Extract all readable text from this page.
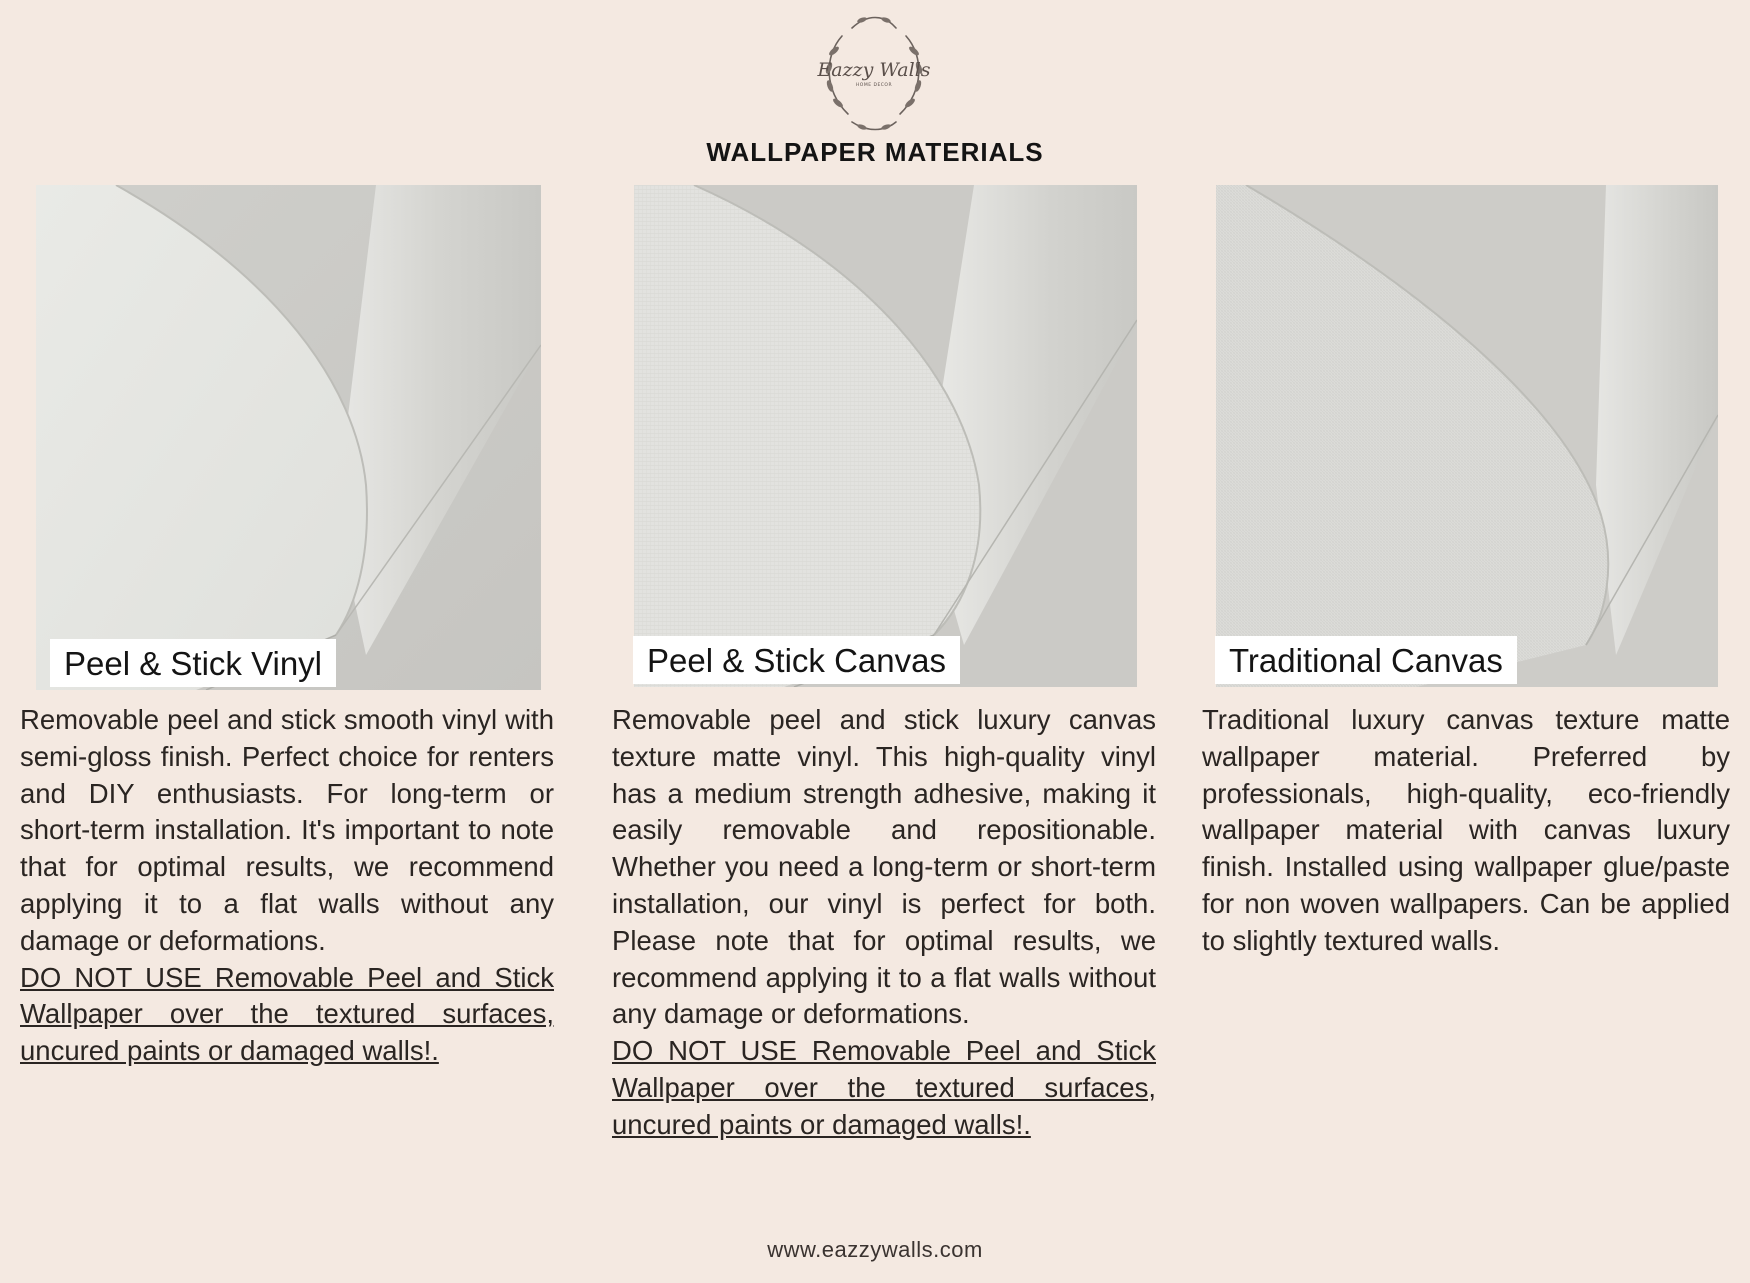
Eazzy Walls
HOME DECOR
WALLPAPER MATERIALS
Peel & Stick Vinyl	Peel & Stick Canvas	Traditional Canvas

Removable peel and stick smooth vinyl with semi-gloss finish. Perfect choice for renters and DIY enthusiasts. For long-term or short-term installation. It's important to note that for optimal results, we recommend applying it to a flat walls without any damage or deformations.

DO NOT USE Removable Peel and Stick Wallpaper over the textured surfaces, uncured paints or damaged walls!.

Removable peel and stick luxury canvas texture matte vinyl. This high-quality vinyl has a medium strength adhesive, making it easily removable and repositionable. Whether you need a long-term or short-term installation, our vinyl is perfect for both. Please note that for optimal results, we recommend applying it to a flat walls without any damage or deformations.

DO NOT USE Removable Peel and Stick Wallpaper over the textured surfaces, uncured paints or damaged walls!.

Traditional luxury canvas texture matte wallpaper material. Preferred by professionals, high-quality, eco-friendly wallpaper material with canvas luxury finish. Installed using wallpaper glue/paste for non woven wallpapers. Can be applied to slightly textured walls.

www.eazzywalls.com
